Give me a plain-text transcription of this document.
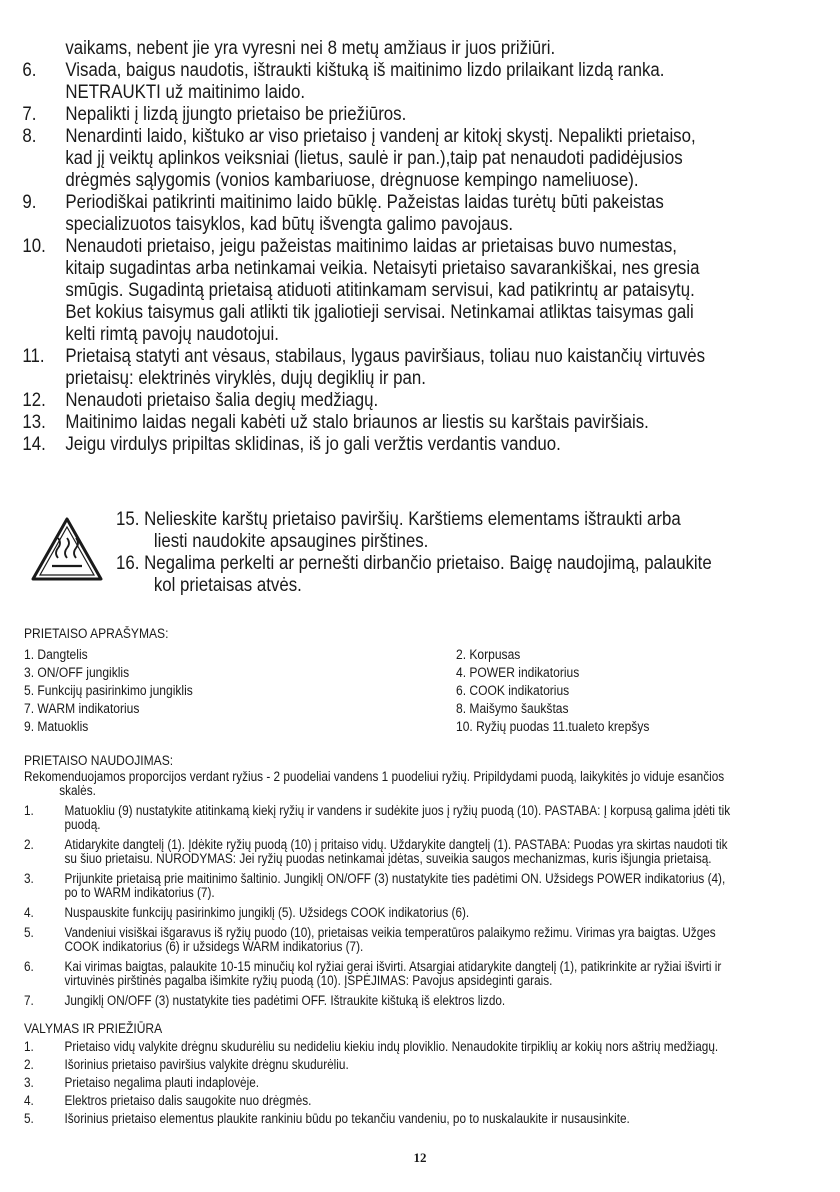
vaikams, nebent jie yra vyresni nei 8 metų amžiaus ir juos prižiūri.
6. Visada, baigus naudotis, ištraukti kištuką iš maitinimo lizdo prilaikant lizdą ranka.
NETRAUKTI už maitinimo laido.
7. Nepalikti į lizdą įjungto prietaiso be priežiūros.
8. Nenardinti laido, kištuko ar viso prietaiso į vandenį ar kitokį skystį. Nepalikti prietaiso,
kad jį veiktų aplinkos veiksniai (lietus, saulė ir pan.),taip pat nenaudoti padidėjusios
drėgmės sąlygomis (vonios kambariuose, drėgnuose kempingo nameliuose).
9. Periodiškai patikrinti maitinimo laido būklę. Pažeistas laidas turėtų būti pakeistas
specializuotos taisyklos, kad būtų išvengta galimo pavojaus.
10. Nenaudoti prietaiso, jeigu pažeistas maitinimo laidas ar prietaisas buvo numestas,
kitaip sugadintas arba netinkamai veikia. Netaisyti prietaiso savarankiškai, nes gresia
smūgis. Sugadintą prietaisą atiduoti atitinkamam servisui, kad patikrintų ar pataisytų.
Bet kokius taisymus gali atlikti tik įgaliotieji servisai. Netinkamai atliktas taisymas gali
kelti rimtą pavojų naudotojui.
11. Prietaisą statyti ant vėsaus, stabilaus, lygaus paviršiaus, toliau nuo kaistančių virtuvės
prietaisų: elektrinės viryklės, dujų degiklių ir pan.
12. Nenaudoti prietaiso šalia degių medžiagų.
13. Maitinimo laidas negali kabėti už stalo briaunos ar liestis su karštais paviršiais.
14. Jeigu virdulys pripiltas sklidinas, iš jo gali veržtis verdantis vanduo.
15. Nelieskite karštų prietaiso paviršių. Karštiems elementams ištraukti arba
liesti naudokite apsaugines pirštines.
16. Negalima perkelti ar pernešti dirbančio prietaiso. Baigę naudojimą, palaukite
kol prietaisas atvės.
PRIETAISO APRAŠYMAS:
1. Dangtelis	2. Korpusas
3. ON/OFF jungiklis	4. POWER indikatorius
5. Funkcijų pasirinkimo jungiklis	6. COOK indikatorius
7. WARM indikatorius	8. Maišymo šaukštas
9. Matuoklis	10. Ryžių puodas 11.tualeto krepšys
PRIETAISO NAUDOJIMAS:
Rekomenduojamos proporcijos verdant ryžius - 2 puodeliai vandens 1 puodeliui ryžių. Pripildydami puodą, laikykitės jo viduje esančios
skalės.
1. Matuokliu (9) nustatykite atitinkamą kiekį ryžių ir vandens ir sudėkite juos į ryžių puodą (10). PASTABA: Į korpusą galima įdėti tik
puodą.
2. Atidarykite dangtelį (1). Įdėkite ryžių puodą (10) į pritaiso vidų. Uždarykite dangtelį (1). PASTABA: Puodas yra skirtas naudoti tik
su šiuo prietaisu. NURODYMAS: Jei ryžių puodas netinkamai įdėtas, suveikia saugos mechanizmas, kuris išjungia prietaisą.
3. Prijunkite prietaisą prie maitinimo šaltinio. Jungiklį ON/OFF (3) nustatykite ties padėtimi ON. Užsidegs POWER indikatorius (4),
po to WARM indikatorius (7).
4. Nuspauskite funkcijų pasirinkimo jungiklį (5). Užsidegs COOK indikatorius (6).
5. Vandeniui visiškai išgaravus iš ryžių puodo (10), prietaisas veikia temperatūros palaikymo režimu. Virimas yra baigtas. Užges
COOK indikatorius (6) ir užsidegs WARM indikatorius (7).
6. Kai virimas baigtas, palaukite 10-15 minučių kol ryžiai gerai išvirti. Atsargiai atidarykite dangtelį (1), patikrinkite ar ryžiai išvirti ir
virtuvinės pirštinės pagalba išimkite ryžių puodą (10). ĮSPĖJIMAS: Pavojus apsideginti garais.
7. Jungiklį ON/OFF (3) nustatykite ties padėtimi OFF. Ištraukite kištuką iš elektros lizdo.
VALYMAS IR PRIEŽIŪRA
1. Prietaiso vidų valykite drėgnu skudurėliu su nedideliu kiekiu indų ploviklio. Nenaudokite tirpiklių ar kokių nors aštrių medžiagų.
2. Išorinius prietaiso paviršius valykite drėgnu skudurėliu.
3. Prietaiso negalima plauti indaplovėje.
4. Elektros prietaiso dalis saugokite nuo drėgmės.
5. Išorinius prietaiso elementus plaukite rankiniu būdu po tekančiu vandeniu, po to nuskalaukite ir nusausinkite.
12
